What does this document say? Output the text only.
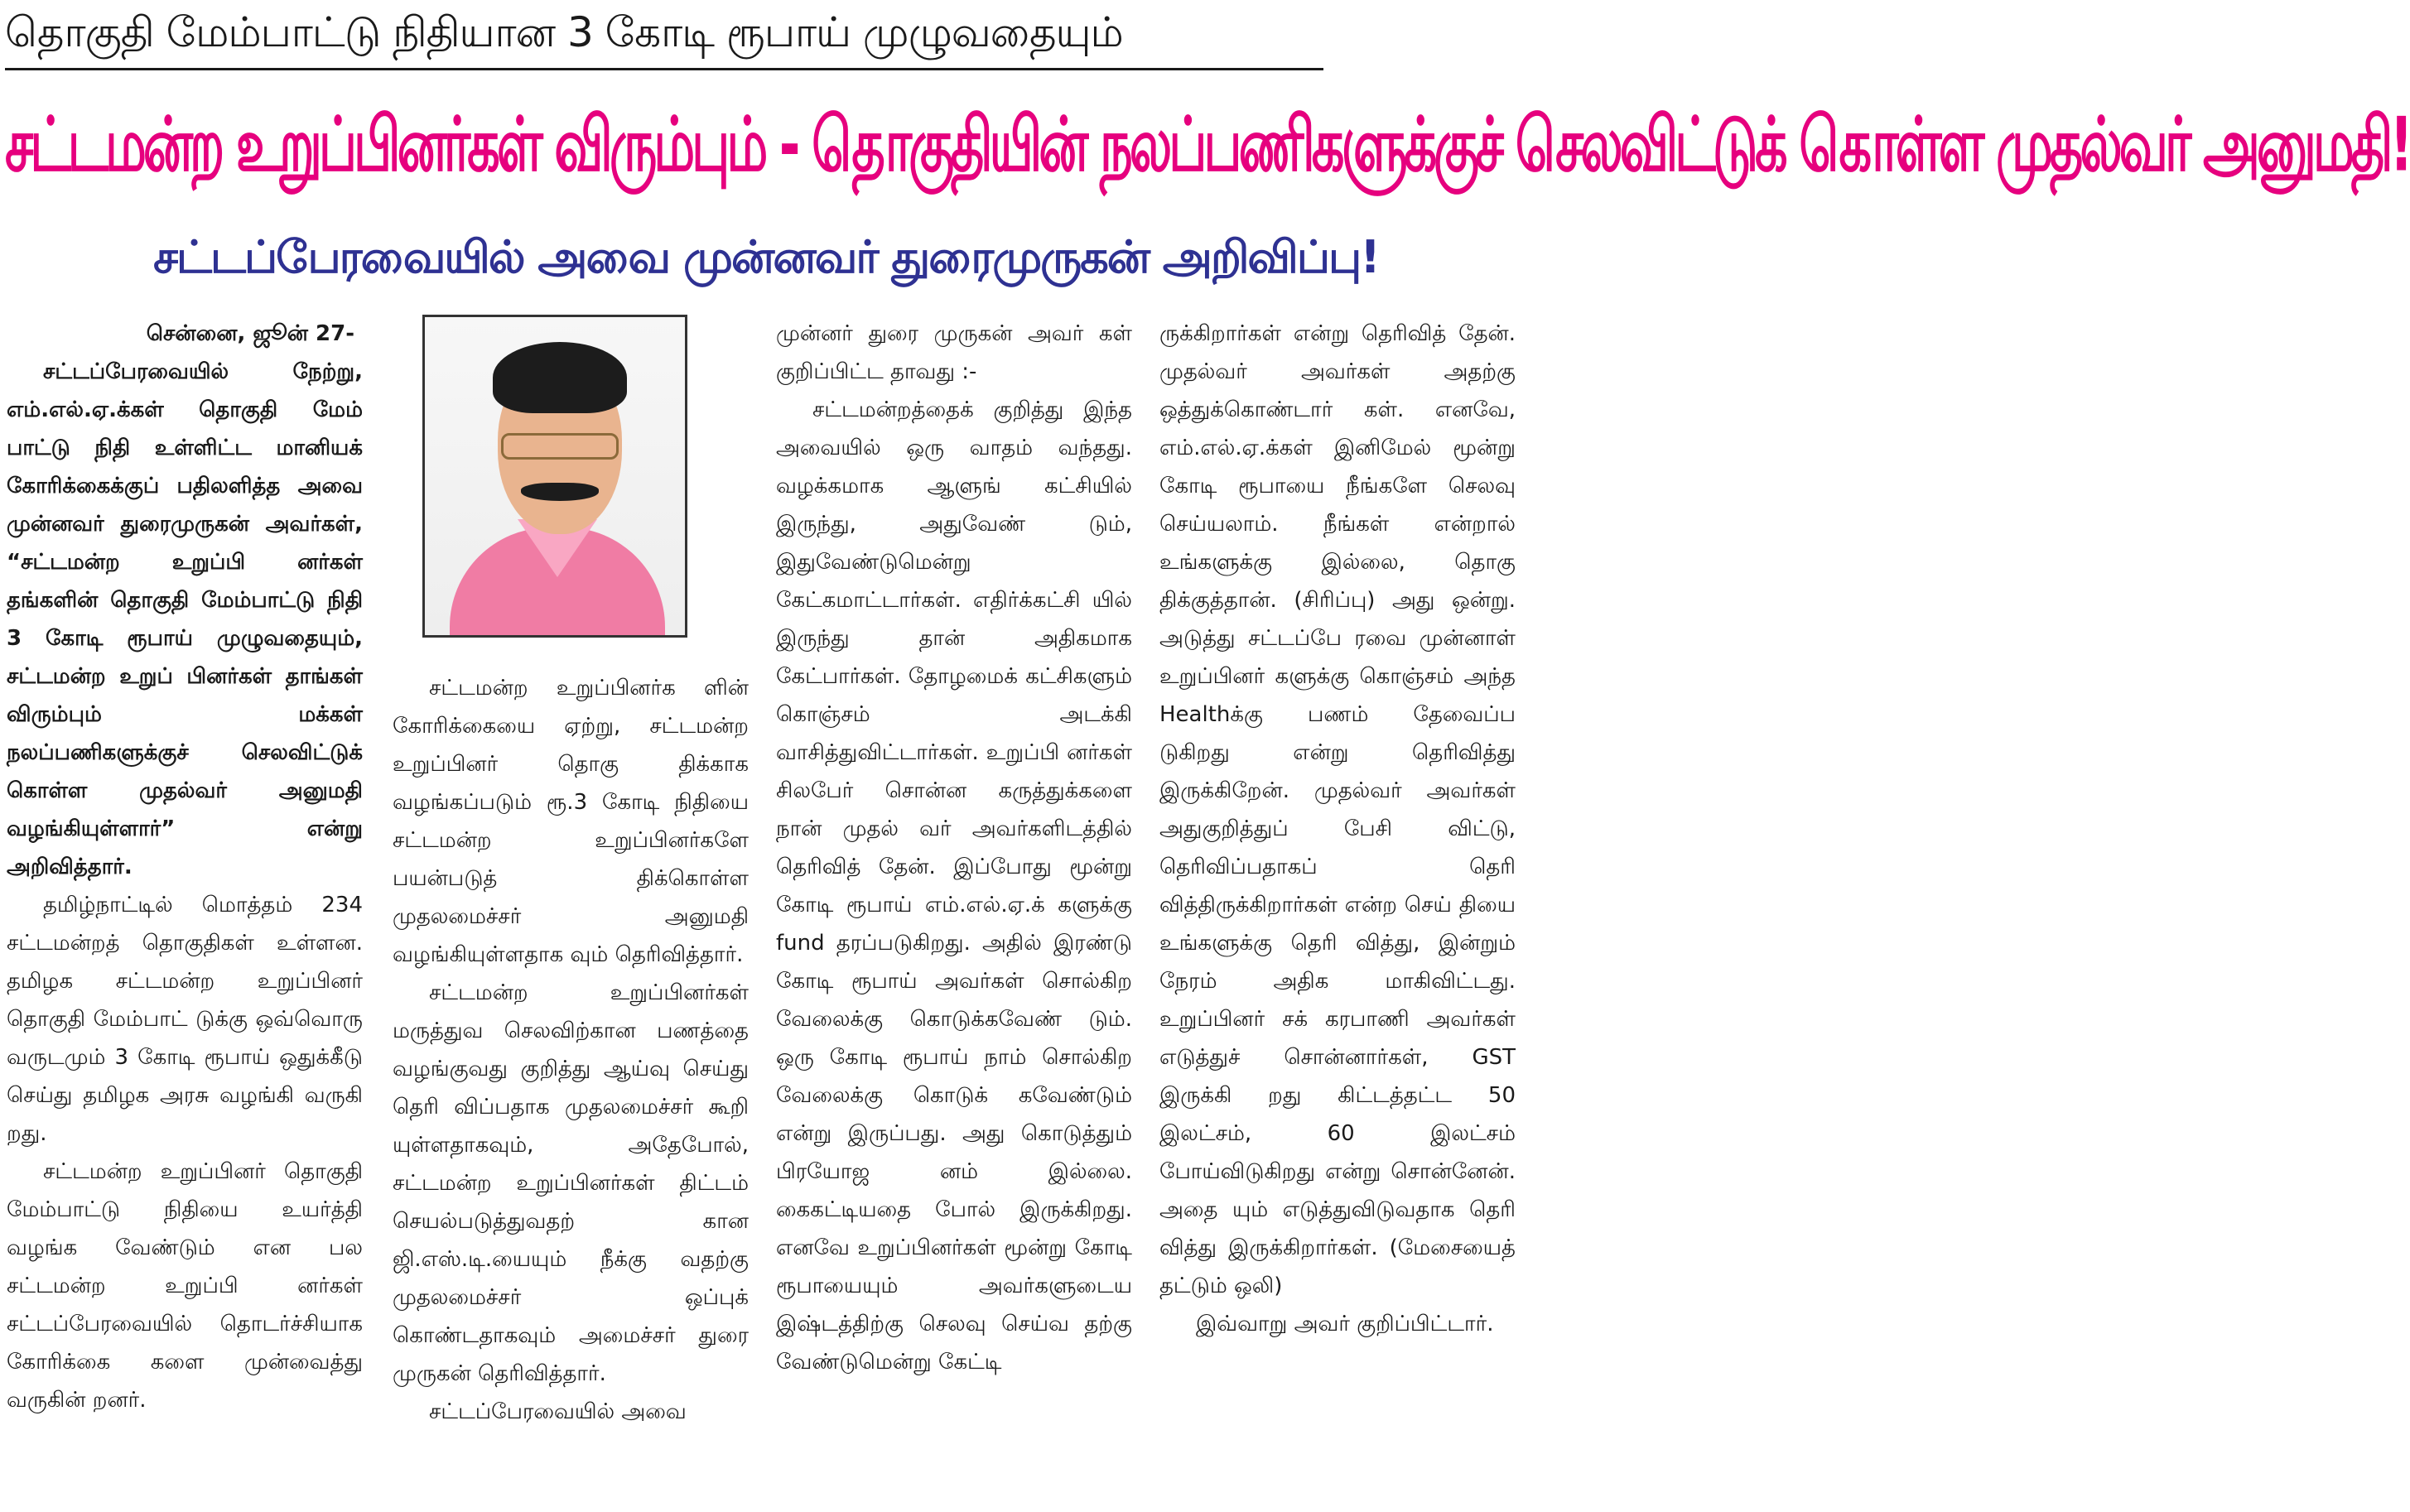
தொகுதி மேம்பாட்டு நிதியான 3 கோடி ரூபாய் முழுவதையும்
சட்டமன்ற உறுப்பினர்கள் விரும்பும் - தொகுதியின் நலப்பணிகளுக்குச் செலவிட்டுக் கொள்ள முதல்வர் அனுமதி!
சட்டப்பேரவையில் அவை முன்னவர் துரைமுருகன் அறிவிப்பு!
சென்னை, ஜூன் 27-

சட்டப்பேரவையில் நேற்று, எம்.எல்.ஏ.க்கள் தொகுதி மேம் பாட்டு நிதி உள்ளிட்ட மானியக் கோரிக்கைக்குப் பதிலளித்த அவை முன்னவர் துரைமுருகன் அவர்கள், “சட்டமன்ற உறுப்பி னர்கள் தங்களின் தொகுதி மேம்பாட்டு நிதி 3 கோடி ரூபாய் முழுவதையும், சட்டமன்ற உறுப் பினர்கள் தாங்கள் விரும்பும் மக்கள் நலப்பணிகளுக்குச் செலவிட்டுக் கொள்ள முதல்வர் அனுமதி வழங்கியுள்ளார்” என்று அறிவித்தார்.

தமிழ்நாட்டில் மொத்தம் 234 சட்டமன்றத் தொகுதிகள் உள்ளன. தமிழக சட்டமன்ற உறுப்பினர் தொகுதி மேம்பாட் டுக்கு ஒவ்வொரு வருடமும் 3 கோடி ரூபாய் ஒதுக்கீடு செய்து தமிழக அரசு வழங்கி வருகி றது.

சட்டமன்ற உறுப்பினர் தொகுதி மேம்பாட்டு நிதியை உயர்த்தி வழங்க வேண்டும் என பல சட்டமன்ற உறுப்பி னர்கள் சட்டப்பேரவையில் தொடர்ச்சியாக கோரிக்கை களை முன்வைத்து வருகின் றனர்.

சட்டமன்ற உறுப்பினர்க ளின் கோரிக்கையை ஏற்று, சட்டமன்ற உறுப்பினர் தொகு திக்காக வழங்கப்படும் ரூ.3 கோடி நிதியை சட்டமன்ற உறுப்பினர்களே பயன்படுத் திக்கொள்ள முதலமைச்சர் அனுமதி வழங்கியுள்ளதாக வும் தெரிவித்தார்.

சட்டமன்ற உறுப்பினர்கள் மருத்துவ செலவிற்கான பணத்தை வழங்குவது குறித்து ஆய்வு செய்து தெரி விப்பதாக முதலமைச்சர் கூறி யுள்ளதாகவும், அதேபோல், சட்டமன்ற உறுப்பினர்கள் திட்டம் செயல்படுத்துவதற் கான ஜி.எஸ்.டி.யையும் நீக்கு வதற்கு முதலமைச்சர் ஒப்புக் கொண்டதாகவும் அமைச்சர் துரை முருகன் தெரிவித்தார்.

சட்டப்பேரவையில் அவை

முன்னர் துரை முருகன் அவர் கள் குறிப்பிட்ட தாவது :-

சட்டமன்றத்தைக் குறித்து இந்த அவையில் ஒரு வாதம் வந்தது. வழக்கமாக ஆளுங் கட்சியில் இருந்து, அதுவேண் டும், இதுவேண்டுமென்று கேட்கமாட்டார்கள். எதிர்க்கட்சி யில் இருந்து தான் அதிகமாக கேட்பார்கள். தோழமைக் கட்சிகளும் கொஞ்சம் அடக்கி வாசித்துவிட்டார்கள். உறுப்பி னர்கள் சிலபேர் சொன்ன கருத்துக்களை நான் முதல் வர் அவர்களிடத்தில் தெரிவித் தேன். இப்போது மூன்று கோடி ரூபாய் எம்.எல்.ஏ.க் களுக்கு fund தரப்படுகிறது. அதில் இரண்டு கோடி ரூபாய் அவர்கள் சொல்கிற வேலைக்கு கொடுக்கவேண் டும். ஒரு கோடி ரூபாய் நாம் சொல்கிற வேலைக்கு கொடுக் கவேண்டும் என்று இருப்பது. அது கொடுத்தும் பிரயோஜ னம் இல்லை. கைகட்டியதை போல் இருக்கிறது. எனவே உறுப்பினர்கள் மூன்று கோடி ரூபாயையும் அவர்களுடைய இஷ்டத்திற்கு செலவு செய்வ தற்கு வேண்டுமென்று கேட்டி

ருக்கிறார்கள் என்று தெரிவித் தேன். முதல்வர் அவர்கள் அதற்கு ஒத்துக்கொண்டார் கள். எனவே, எம்.எல்.ஏ.க்கள் இனிமேல் மூன்று கோடி ரூபாயை நீங்களே செலவு செய்யலாம். நீங்கள் என்றால் உங்களுக்கு இல்லை, தொகு திக்குத்தான். (சிரிப்பு) அது ஒன்று. அடுத்து சட்டப்பே ரவை முன்னாள் உறுப்பினர் களுக்கு கொஞ்சம் அந்த Healthக்கு பணம் தேவைப்ப டுகிறது என்று தெரிவித்து இருக்கிறேன். முதல்வர் அவர்கள் அதுகுறித்துப் பேசி விட்டு, தெரிவிப்பதாகப் தெரி வித்திருக்கிறார்கள் என்ற செய் தியை உங்களுக்கு தெரி வித்து, இன்றும் நேரம் அதிக மாகிவிட்டது. உறுப்பினர் சக் கரபாணி அவர்கள் எடுத்துச் சொன்னார்கள், GST இருக்கி றது கிட்டத்தட்ட 50 இலட்சம், 60 இலட்சம் போய்விடுகிறது என்று சொன்னேன். அதை யும் எடுத்துவிடுவதாக தெரி வித்து இருக்கிறார்கள். (மேசையைத் தட்டும் ஒலி)

இவ்வாறு அவர் குறிப்பிட்டார்.
